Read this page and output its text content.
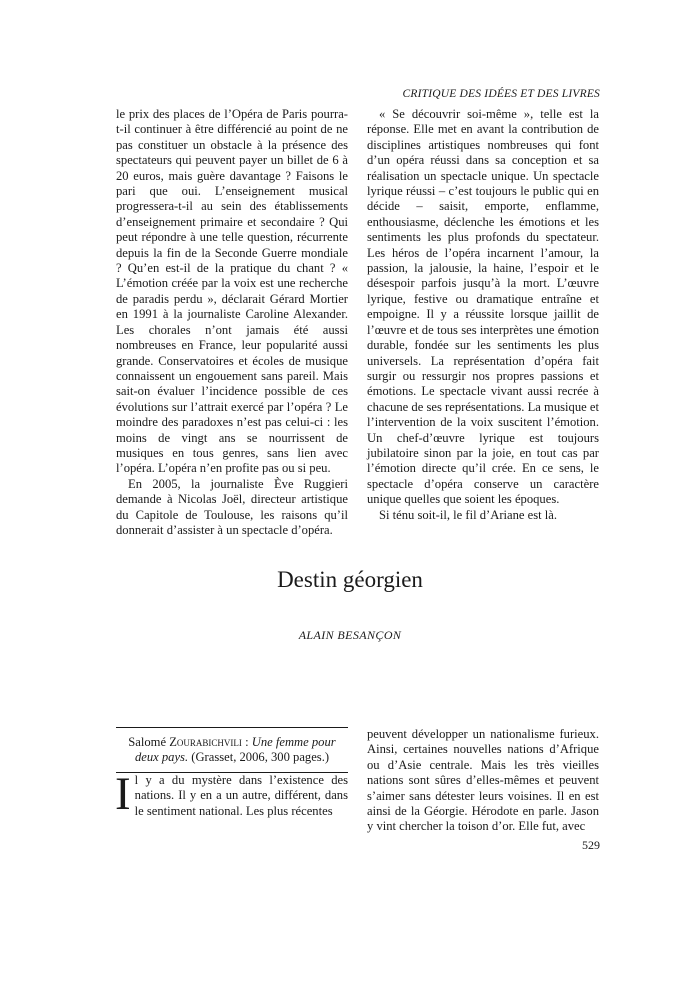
CRITIQUE DES IDÉES ET DES LIVRES

le prix des places de l’Opéra de Paris pourra-t-il continuer à être différencié au point de ne pas constituer un obstacle à la présence des spectateurs qui peuvent payer un billet de 6 à 20 euros, mais guère davantage ? Faisons le pari que oui. L’enseignement musical progressera-t-il au sein des établissements d’enseignement primaire et secondaire ? Qui peut répondre à une telle question, récurrente depuis la fin de la Seconde Guerre mondiale ? Qu’en est-il de la pratique du chant ? « L’émotion créée par la voix est une recherche de paradis perdu », déclarait Gérard Mortier en 1991 à la journaliste Caroline Alexander. Les chorales n’ont jamais été aussi nombreuses en France, leur popularité aussi grande. Conservatoires et écoles de musique connaissent un engouement sans pareil. Mais sait-on évaluer l’incidence possible de ces évolutions sur l’attrait exercé par l’opéra ? Le moindre des paradoxes n’est pas celui-ci : les moins de vingt ans se nourrissent de musiques en tous genres, sans lien avec l’opéra. L’opéra n’en profite pas ou si peu.

En 2005, la journaliste Ève Ruggieri demande à Nicolas Joël, directeur artistique du Capitole de Toulouse, les raisons qu’il donnerait d’assister à un spectacle d’opéra.

« Se découvrir soi-même », telle est la réponse. Elle met en avant la contribution de disciplines artistiques nombreuses qui font d’un opéra réussi dans sa conception et sa réalisation un spectacle unique. Un spectacle lyrique réussi – c’est toujours le public qui en décide – saisit, emporte, enflamme, enthousiasme, déclenche les émotions et les sentiments les plus profonds du spectateur. Les héros de l’opéra incarnent l’amour, la passion, la jalousie, la haine, l’espoir et le désespoir parfois jusqu’à la mort. L’œuvre lyrique, festive ou dramatique entraîne et empoigne. Il y a réussite lorsque jaillit de l’œuvre et de tous ses interprètes une émotion durable, fondée sur les sentiments les plus universels. La représentation d’opéra fait surgir ou ressurgir nos propres passions et émotions. Le spectacle vivant aussi recrée à chacune de ses représentations. La musique et l’intervention de la voix suscitent l’émotion. Un chef-d’œuvre lyrique est toujours jubilatoire sinon par la joie, en tout cas par l’émotion directe qu’il crée. En ce sens, le spectacle d’opéra conserve un caractère unique quelles que soient les époques.

Si ténu soit-il, le fil d’Ariane est là.

Destin géorgien
ALAIN BESANÇON
Salomé Zourabichvili : Une femme pour deux pays. (Grasset, 2006, 300 pages.)

Il y a du mystère dans l’existence des nations. Il y en a un autre, différent, dans le sentiment national. Les plus récentes

peuvent développer un nationalisme furieux. Ainsi, certaines nouvelles nations d’Afrique ou d’Asie centrale. Mais les très vieilles nations sont sûres d’elles-mêmes et peuvent s’aimer sans détester leurs voisines. Il en est ainsi de la Géorgie. Hérodote en parle. Jason y vint chercher la toison d’or. Elle fut, avec

529
